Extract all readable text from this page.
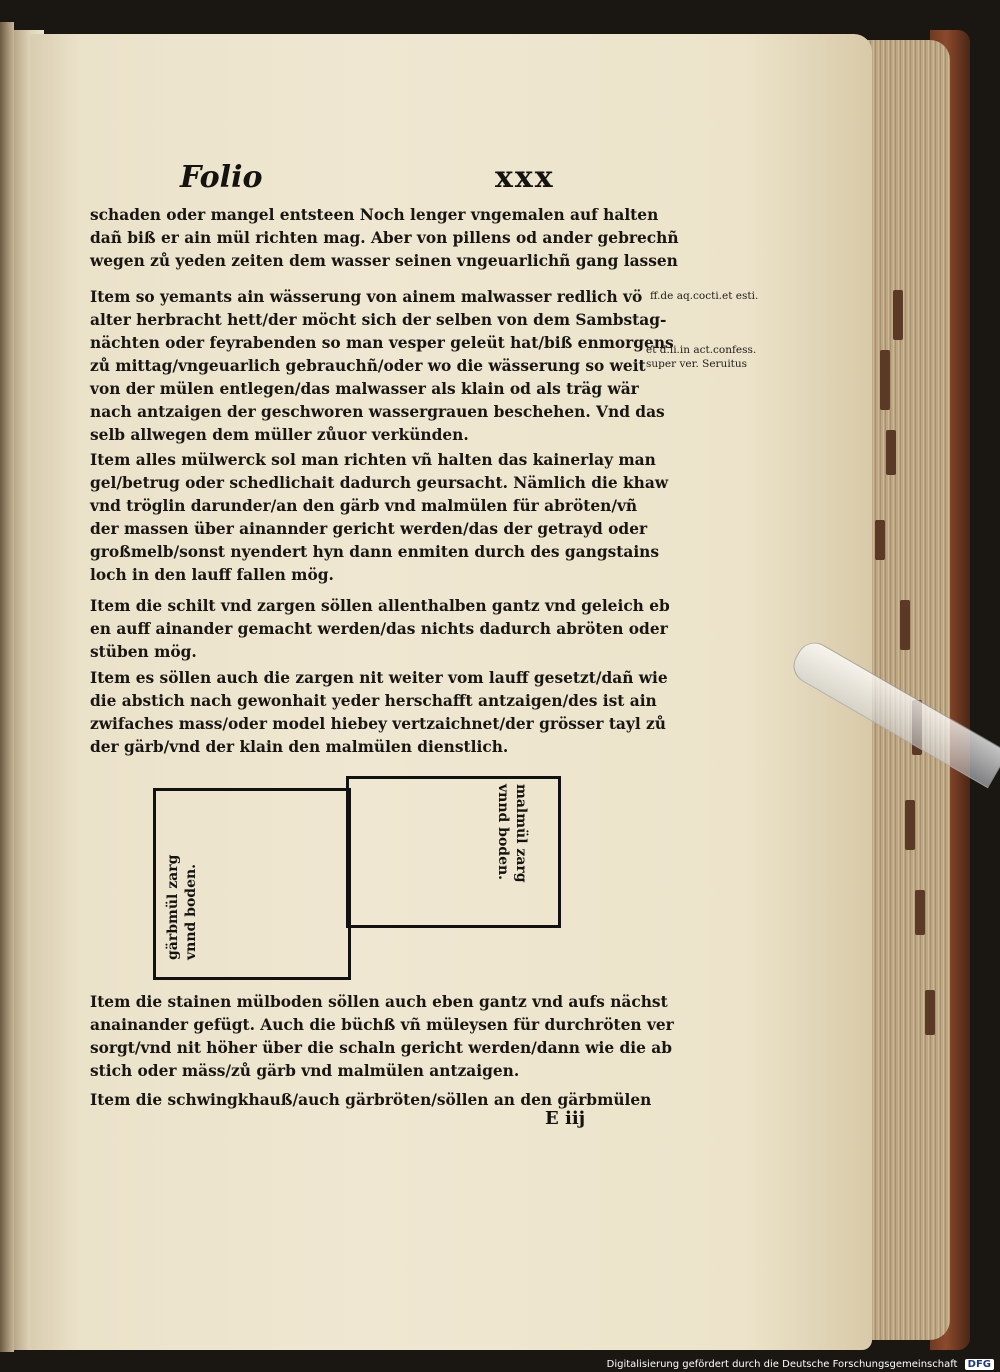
Folio	xxx
schaden oder mangel entsteen Noch lenger vngemalen auf halten
dañ biß er ain mül richten mag. Aber von pillens od ander gebrechñ
wegen zů yeden zeiten dem wasser seinen vngeuarlichñ gang lassen
Item so yemants ain wässerung von ainem malwasser redlich vö
alter herbracht hett/der möcht sich der selben von dem Sambstag-
nächten oder feyrabenden so man vesper geleüt hat/biß enmorgens
zů mittag/vngeuarlich gebrauchñ/oder wo die wässerung so weit
von der mülen entlegen/das malwasser als klain od als träg wär
nach antzaigen der geschworen wassergrauen beschehen. Vnd das
selb allwegen dem müller zůuor verkünden.
Item alles mülwerck sol man richten vñ halten das kainerlay man
gel/betrug oder schedlichait dadurch geursacht. Nämlich die khaw
vnd tröglin darunder/an den gärb vnd malmülen für abröten/vñ
der massen über ainannder gericht werden/das der getrayd oder
großmelb/sonst nyendert hyn dann enmiten durch des gangstains
loch in den lauff fallen mög.
Item die schilt vnd zargen söllen allenthalben gantz vnd geleich eb
en auff ainander gemacht werden/das nichts dadurch abröten oder
stüben mög.
Item es söllen auch die zargen nit weiter vom lauff gesetzt/dañ wie
die abstich nach gewonhait yeder herschafft antzaigen/des ist ain
zwifaches mass/oder model hiebey vertzaichnet/der grösser tayl zů
der gärb/vnd der klain den malmülen dienstlich.
Item die stainen mülboden söllen auch eben gantz vnd aufs nächst
anainander gefügt. Auch die büchß vñ müleysen für durchröten ver
sorgt/vnd nit höher über die schaln gericht werden/dann wie die ab
stich oder mäss/zů gärb vnd malmülen antzaigen.
Item die schwingkhauß/auch gärbröten/söllen an den gärbmülen
ff.de aq.cocti.et esti.
et d.li.in act.confess.
super ver. Seruitus
gärbmül zarg vnnd boden.
malmül zarg
vnnd boden.
E iij
Digitalisierung gefördert durch die Deutsche Forschungsgemeinschaft DFG
